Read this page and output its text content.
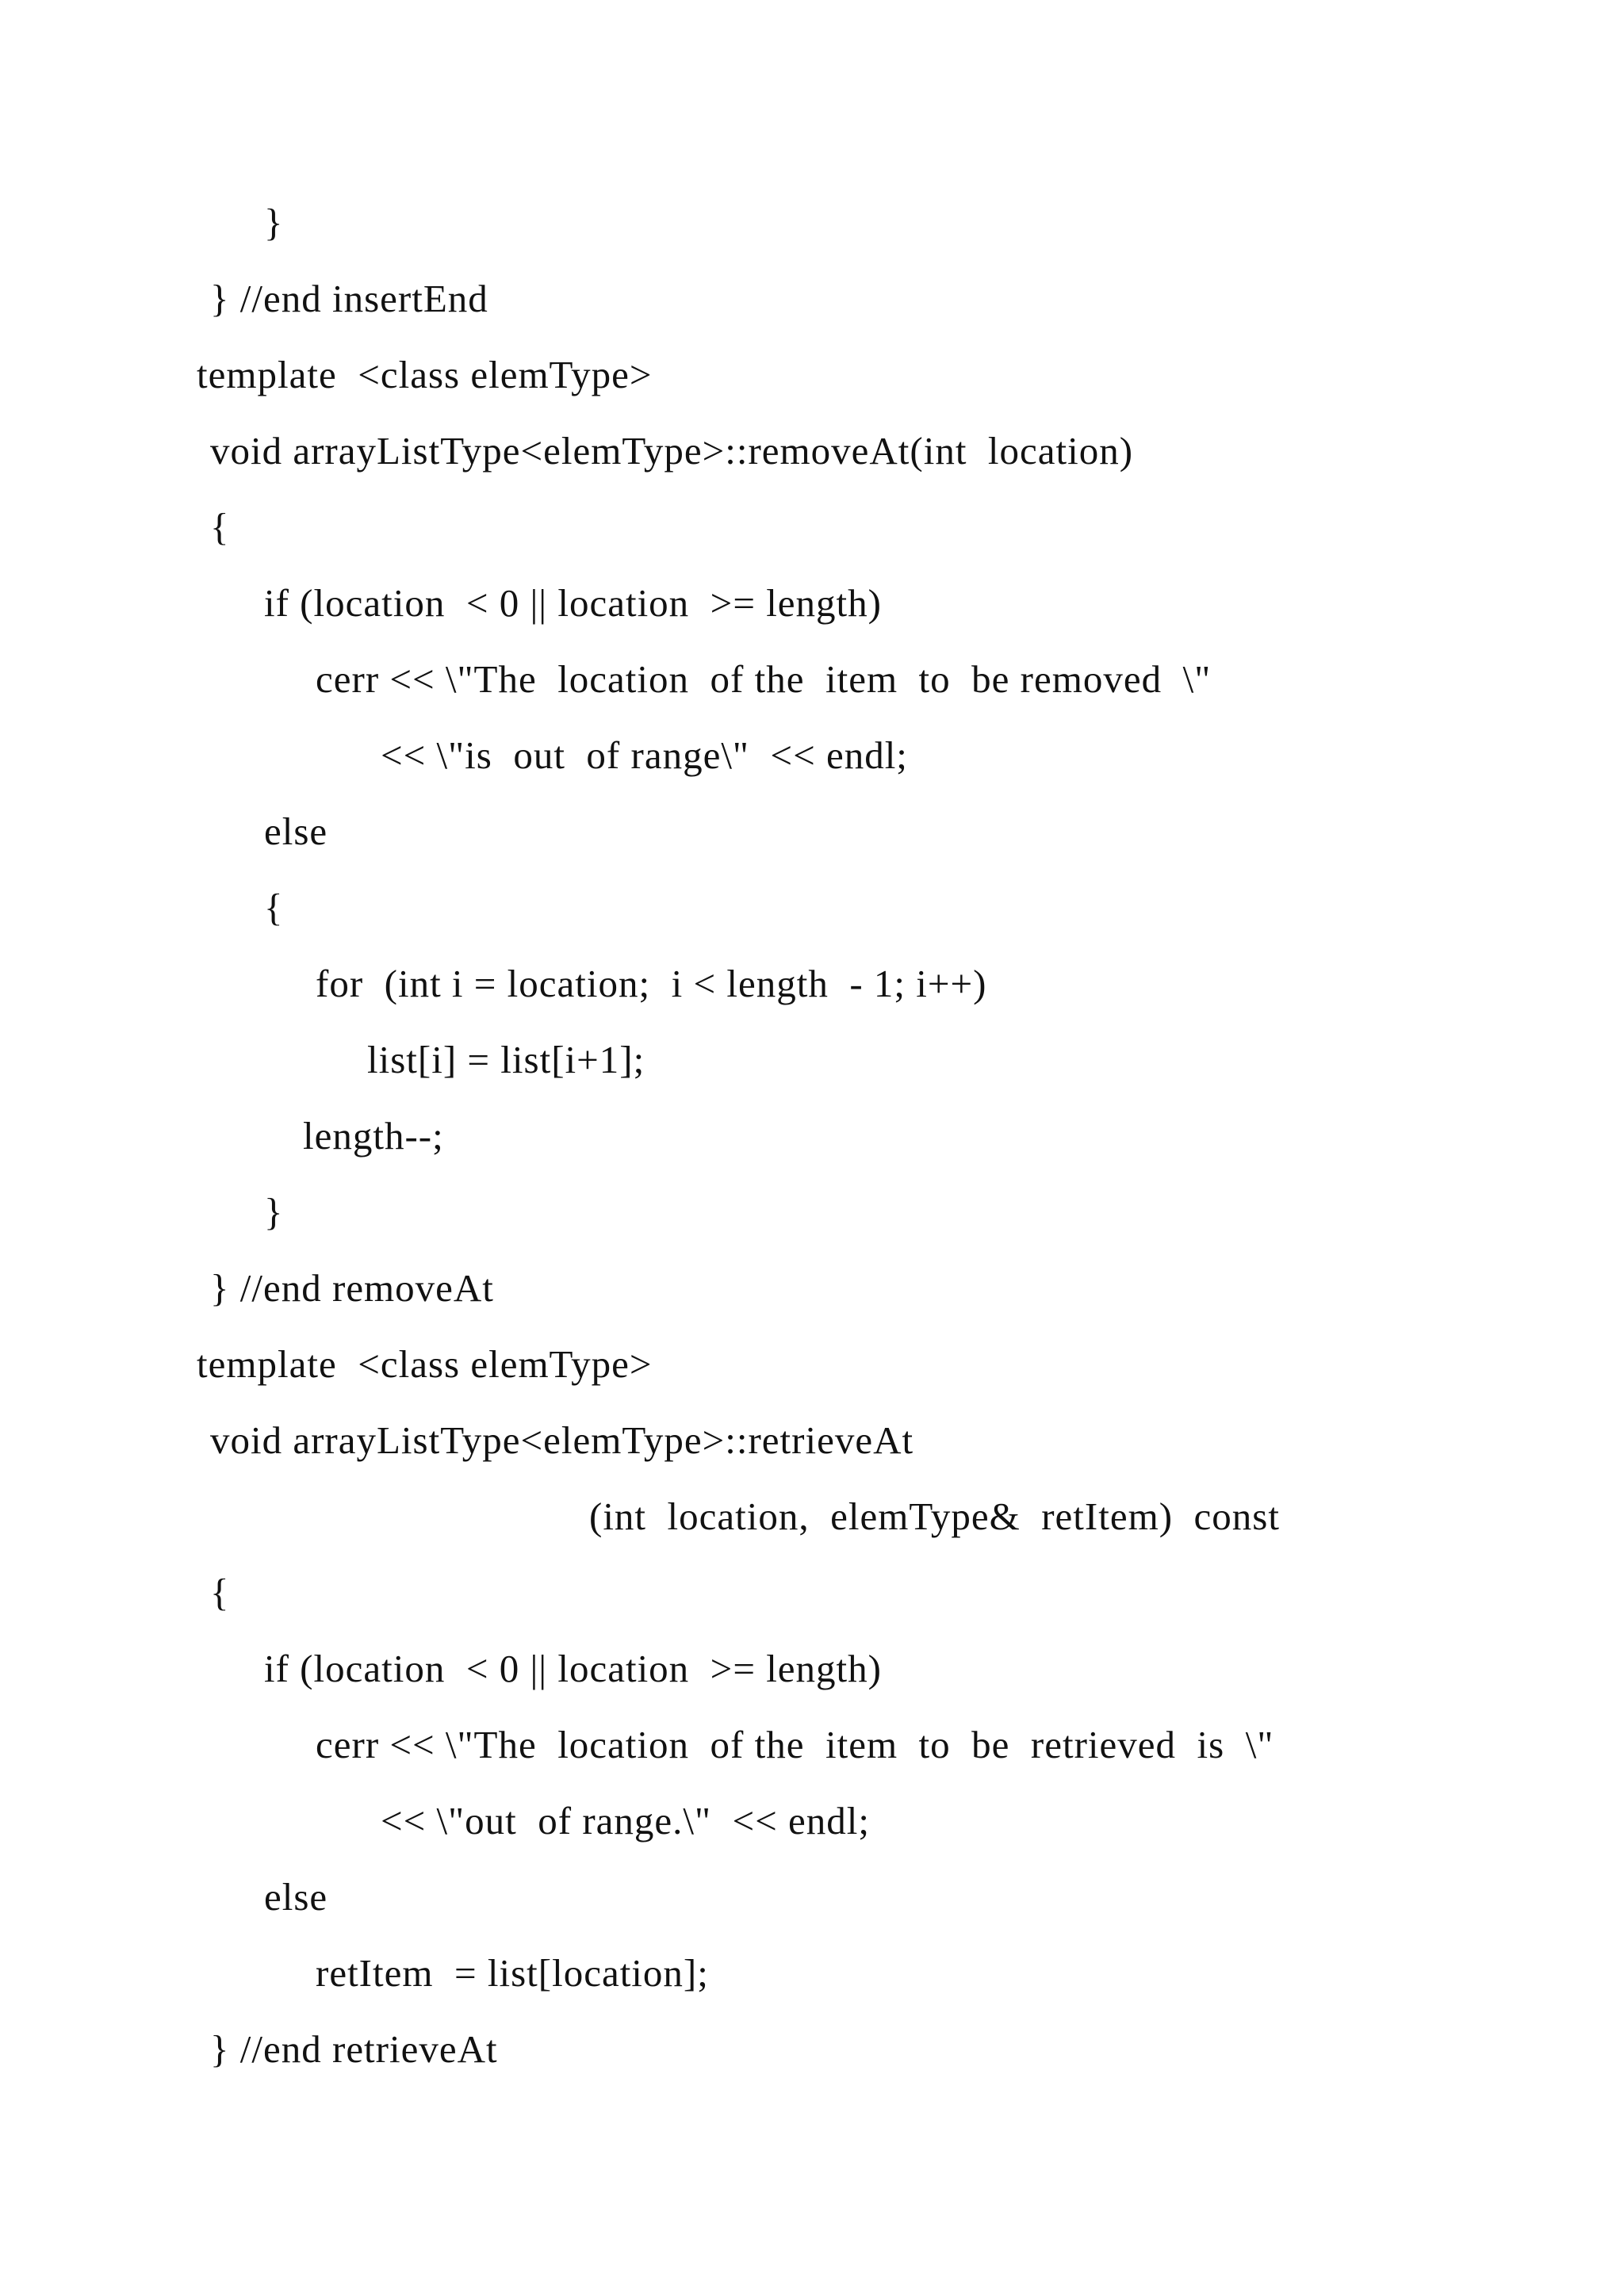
}
} //end insertEnd
template  <class elemType>
void arrayListType<elemType>::removeAt(int  location)
{
if (location  < 0 || location  >= length)
cerr << \"The  location  of the  item  to  be removed  \"
<< \"is  out  of range\"  << endl;
else
{
for  (int i = location;  i < length  - 1; i++)
list[i] = list[i+1];
length--;
}
} //end removeAt
template  <class elemType>
void arrayListType<elemType>::retrieveAt
(int  location,  elemType&  retItem)  const
{
if (location  < 0 || location  >= length)
cerr << \"The  location  of the  item  to  be  retrieved  is  \"
<< \"out  of range.\"  << endl;
else
retItem  = list[location];
} //end retrieveAt
